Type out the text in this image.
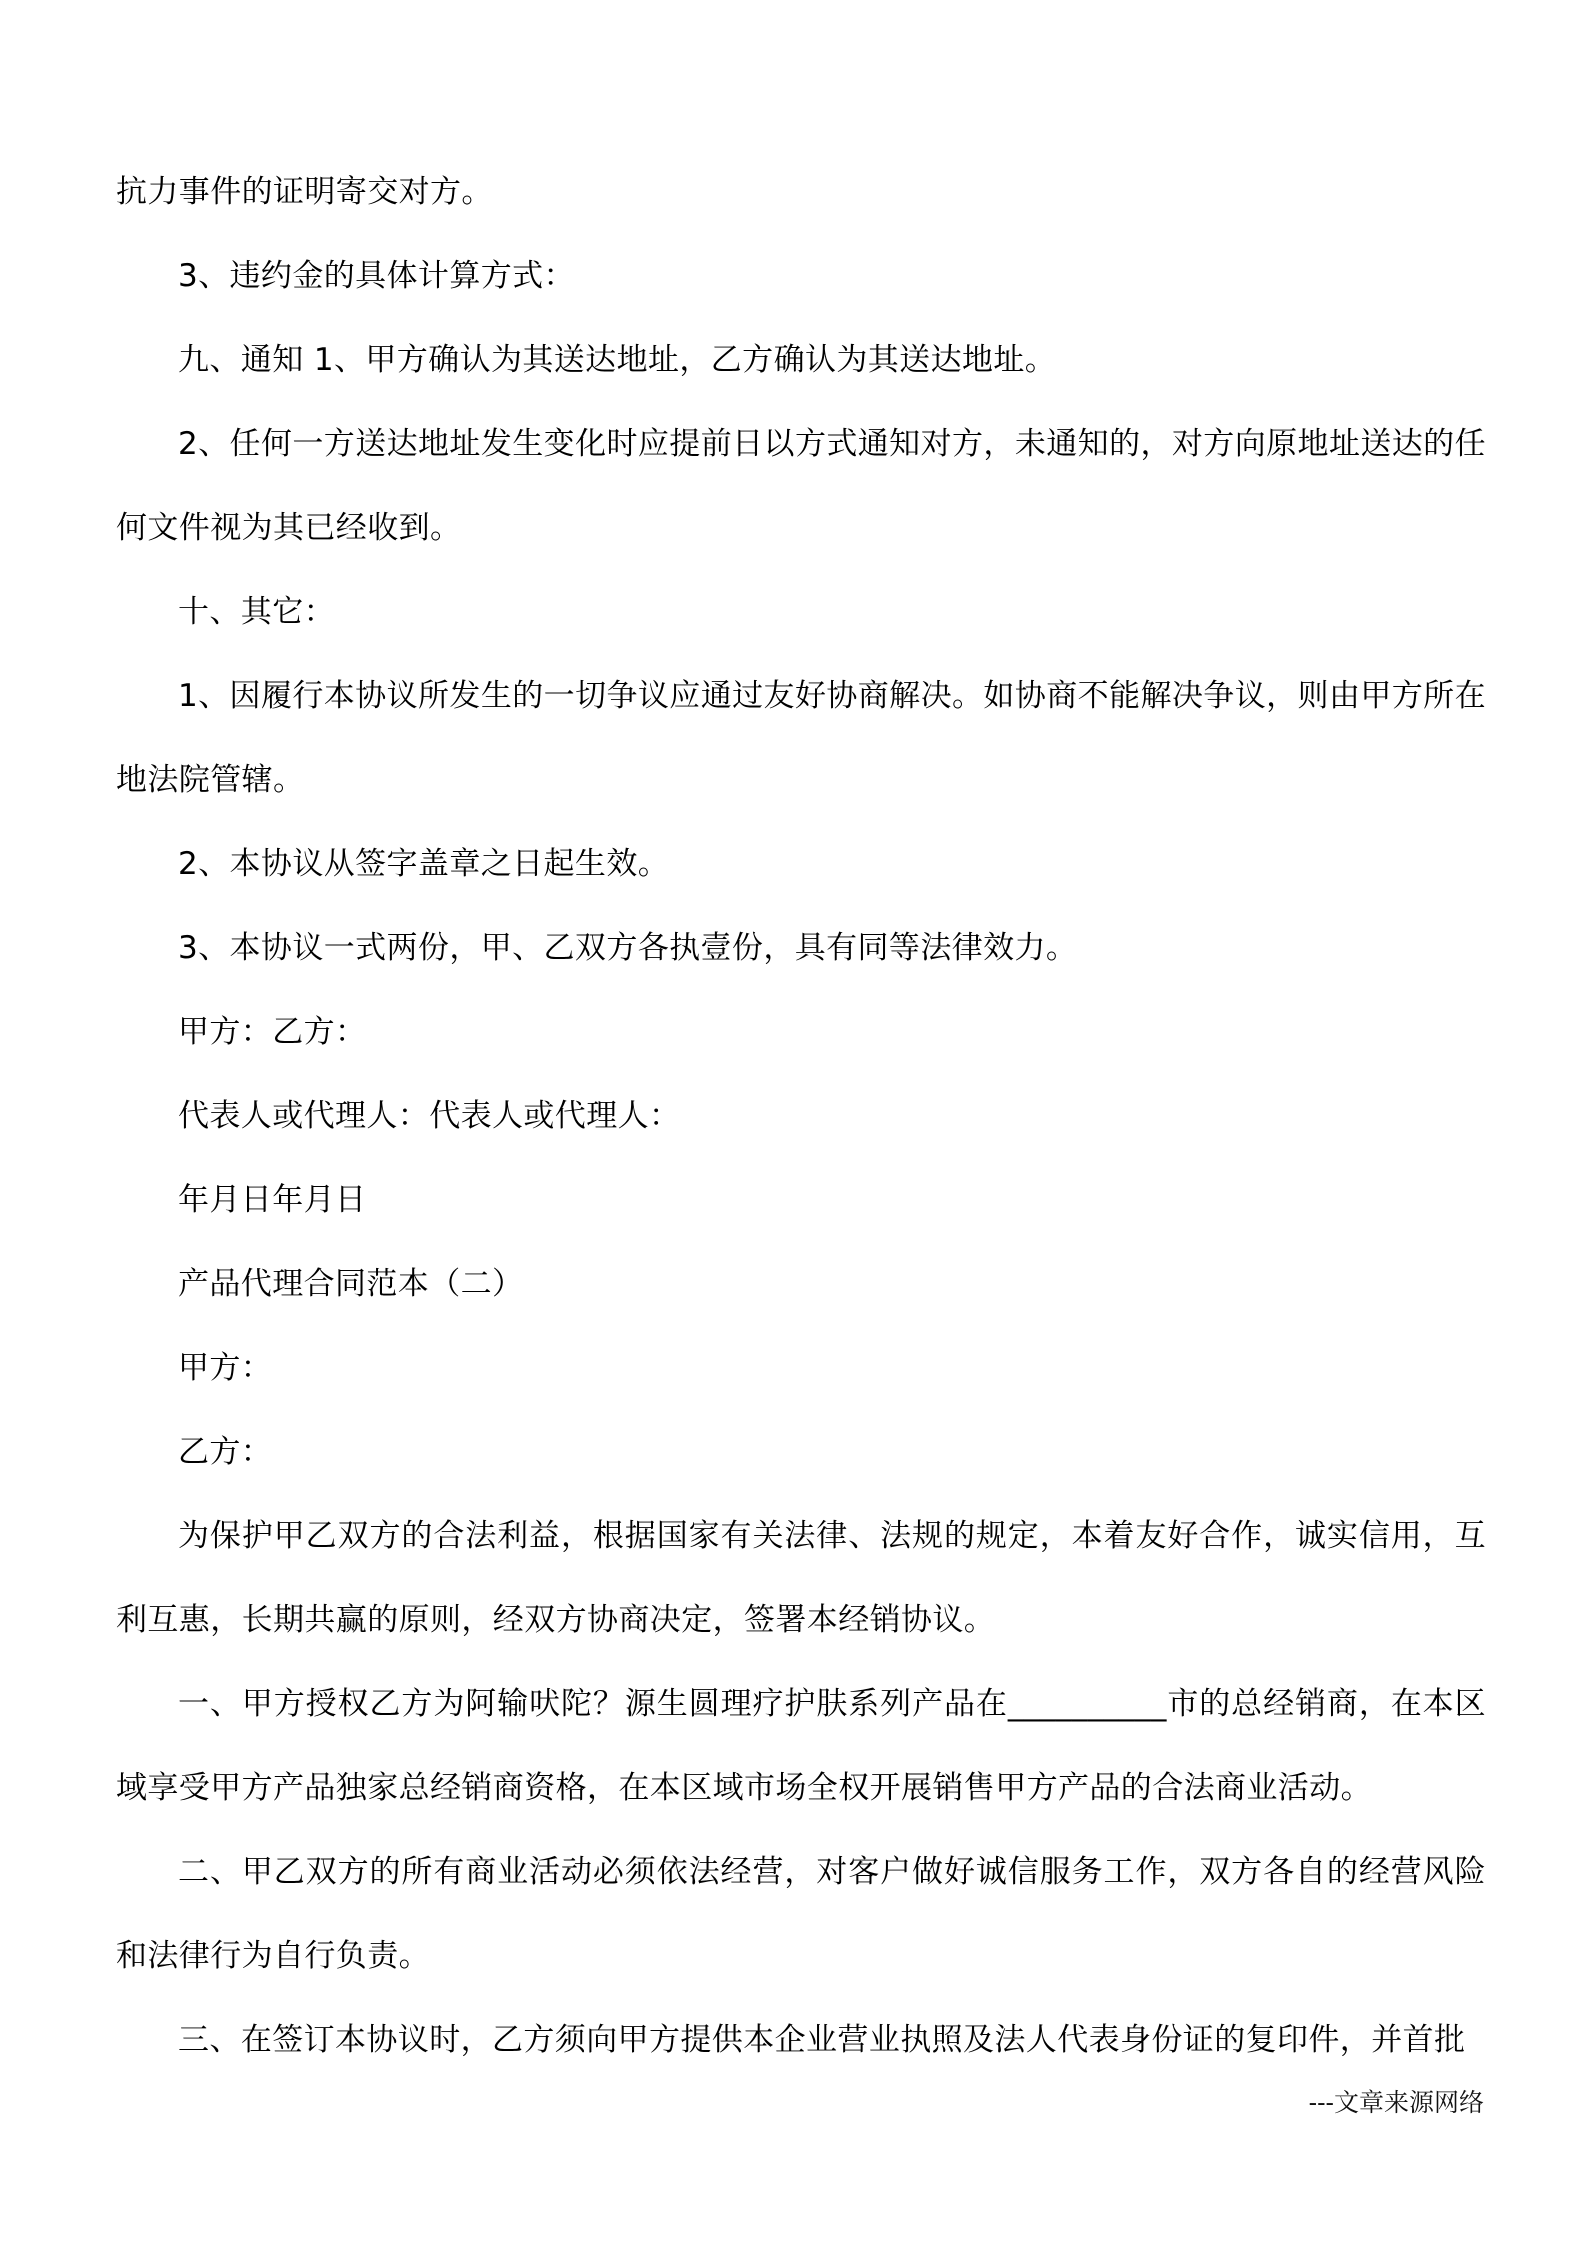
抗力事件的证明寄交对方。

3、违约金的具体计算方式：

九、通知 1、甲方确认为其送达地址，乙方确认为其送达地址。

2、任何一方送达地址发生变化时应提前日以方式通知对方，未通知的，对方向原地址送达的任何文件视为其已经收到。

十、其它：

1、因履行本协议所发生的一切争议应通过友好协商解决。如协商不能解决争议，则由甲方所在地法院管辖。

2、本协议从签字盖章之日起生效。

3、本协议一式两份，甲、乙双方各执壹份，具有同等法律效力。

甲方：乙方：

代表人或代理人：代表人或代理人：

年月日年月日

产品代理合同范本（二）

甲方：

乙方：

为保护甲乙双方的合法利益，根据国家有关法律、法规的规定，本着友好合作，诚实信用，互利互惠，长期共赢的原则，经双方协商决定，签署本经销协议。

一、甲方授权乙方为阿输吠陀？源生圆理疗护肤系列产品在__________市的总经销商，在本区域享受甲方产品独家总经销商资格，在本区域市场全权开展销售甲方产品的合法商业活动。

二、甲乙双方的所有商业活动必须依法经营，对客户做好诚信服务工作，双方各自的经营风险和法律行为自行负责。

三、在签订本协议时，乙方须向甲方提供本企业营业执照及法人代表身份证的复印件，并首批

---文章来源网络
